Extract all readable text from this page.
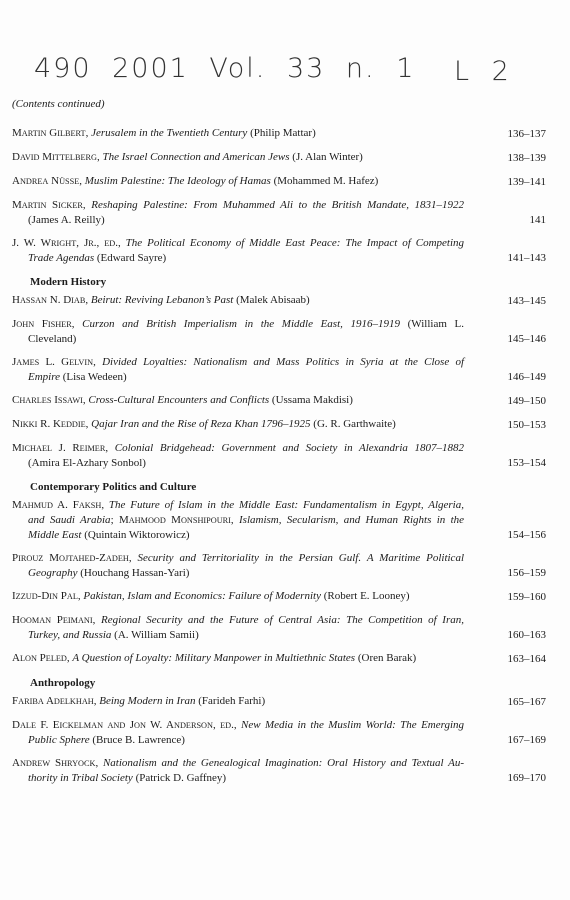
490 2001 Vol. 33 n. 1 L 2
(Contents continued)
MARTIN GILBERT, Jerusalem in the Twentieth Century (Philip Mattar)	136–137
DAVID MITTELBERG, The Israel Connection and American Jews (J. Alan Winter)	138–139
ANDREA NÜSSE, Muslim Palestine: The Ideology of Hamas (Mohammed M. Hafez)	139–141
MARTIN SICKER, Reshaping Palestine: From Muhammed Ali to the British Mandate, 1831–1922
(James A. Reilly)	141
J. W. WRIGHT, JR., ED., The Political Economy of Middle East Peace: The Impact of Competing
Trade Agendas (Edward Sayre)	141–143
Modern History
HASSAN N. DIAB, Beirut: Reviving Lebanon’s Past (Malek Abisaab)	143–145
JOHN FISHER, Curzon and British Imperialism in the Middle East, 1916–1919 (William L.
Cleveland)	145–146
JAMES L. GELVIN, Divided Loyalties: Nationalism and Mass Politics in Syria at the Close of
Empire (Lisa Wedeen)	146–149
CHARLES ISSAWI, Cross-Cultural Encounters and Conflicts (Ussama Makdisi)	149–150
NIKKI R. KEDDIE, Qajar Iran and the Rise of Reza Khan 1796–1925 (G. R. Garthwaite)	150–153
MICHAEL J. REIMER, Colonial Bridgehead: Government and Society in Alexandria 1807–1882
(Amira El-Azhary Sonbol)	153–154
Contemporary Politics and Culture
MAHMUD A. FAKSH, The Future of Islam in the Middle East: Fundamentalism in Egypt, Algeria,
and Saudi Arabia; MAHMOOD MONSHIPOURI, Islamism, Secularism, and Human Rights in the
Middle East (Quintain Wiktorowicz)	154–156
PIROUZ MOJTAHED-ZADEH, Security and Territoriality in the Persian Gulf. A Maritime Political
Geography (Houchang Hassan-Yari)	156–159
IZZUD-DIN PAL, Pakistan, Islam and Economics: Failure of Modernity (Robert E. Looney)	159–160
HOOMAN PEIMANI, Regional Security and the Future of Central Asia: The Competition of Iran,
Turkey, and Russia (A. William Samii)	160–163
ALON PELED, A Question of Loyalty: Military Manpower in Multiethnic States (Oren Barak)	163–164
Anthropology
FARIBA ADELKHAH, Being Modern in Iran (Farideh Farhi)	165–167
DALE F. EICKELMAN AND JON W. ANDERSON, ED., New Media in the Muslim World: The Emerging
Public Sphere (Bruce B. Lawrence)	167–169
ANDREW SHRYOCK, Nationalism and the Genealogical Imagination: Oral History and Textual Au-
thority in Tribal Society (Patrick D. Gaffney)	169–170
